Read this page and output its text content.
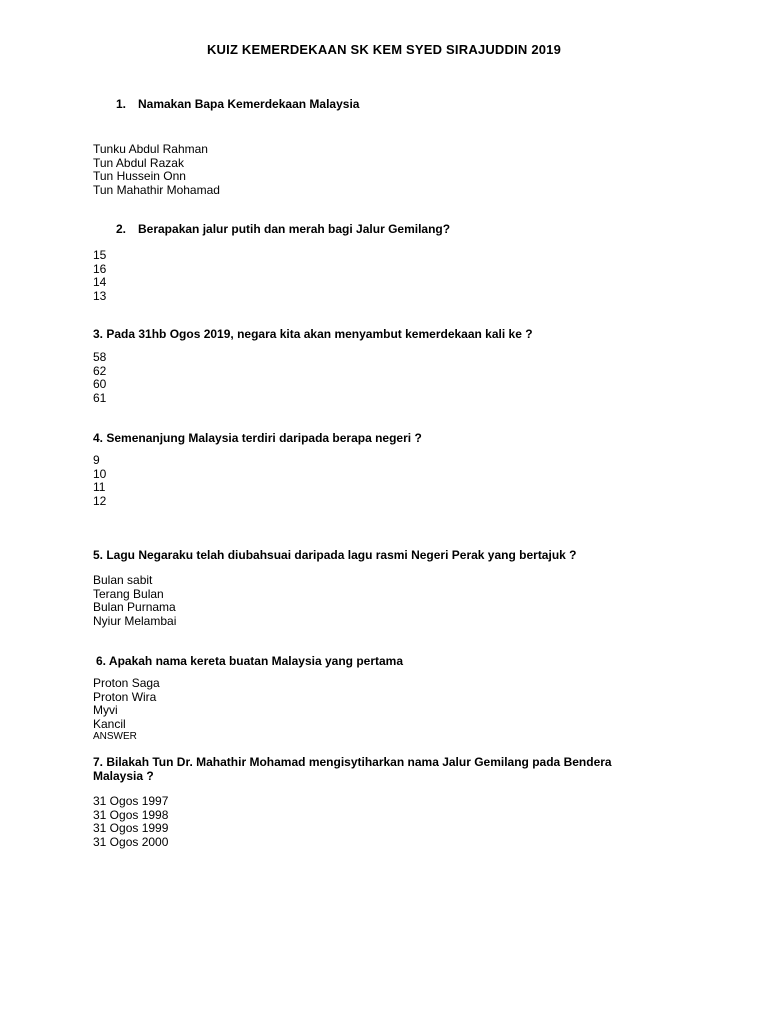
KUIZ KEMERDEKAAN SK KEM SYED SIRAJUDDIN 2019
1. Namakan Bapa Kemerdekaan Malaysia
Tunku Abdul Rahman
Tun Abdul Razak
Tun Hussein Onn
Tun Mahathir Mohamad
2. Berapakan jalur putih dan merah bagi Jalur Gemilang?
15
16
14
13
3. Pada 31hb Ogos 2019, negara kita akan menyambut kemerdekaan kali ke ?
58
62
60
61
4. Semenanjung Malaysia terdiri daripada berapa negeri ?
9
10
11
12
5. Lagu Negaraku telah diubahsuai daripada lagu rasmi Negeri Perak yang bertajuk ?
Bulan sabit
Terang Bulan
Bulan Purnama
Nyiur Melambai
6. Apakah nama kereta buatan Malaysia yang pertama
Proton Saga
Proton Wira
Myvi
Kancil
ANSWER
7. Bilakah Tun Dr. Mahathir Mohamad mengisytiharkan nama Jalur Gemilang pada Bendera
Malaysia ?
31 Ogos 1997
31 Ogos 1998
31 Ogos 1999
31 Ogos 2000
